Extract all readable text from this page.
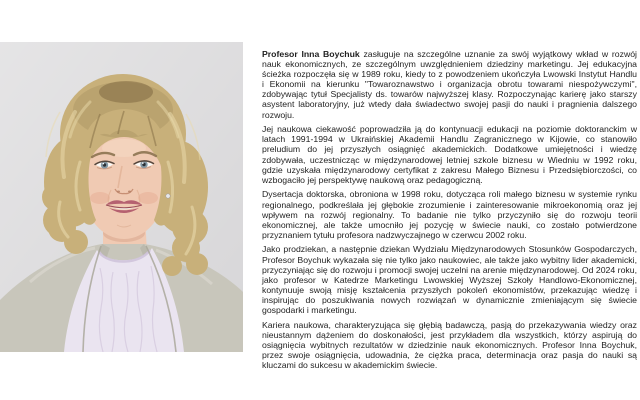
Profesor Inna Boychuk zasługuje na szczególne uznanie za swój wyjątkowy wkład w rozwój nauk ekonomicznych, ze szczególnym uwzględnieniem dziedziny marketingu. Jej edukacyjna ścieżka rozpoczęła się w 1989 roku, kiedy to z powodzeniem ukończyła Lwowski Instytut Handlu i Ekonomii na kierunku "Towaroznawstwo i organizacja obrotu towarami niespożywczymi", zdobywając tytuł Specjalisty ds. towarów najwyższej klasy. Rozpoczynając karierę jako starszy asystent laboratoryjny, już wtedy dała świadectwo swojej pasji do nauki i pragnienia dalszego rozwoju.

Jej naukowa ciekawość poprowadziła ją do kontynuacji edukacji na poziomie doktoranckim w latach 1991-1994 w Ukraińskiej Akademii Handlu Zagranicznego w Kijowie, co stanowiło preludium do jej przyszłych osiągnięć akademickich. Dodatkowe umiejętności i wiedzę zdobywała, uczestnicząc w międzynarodowej letniej szkole biznesu w Wiedniu w 1992 roku, gdzie uzyskała międzynarodowy certyfikat z zakresu Małego Biznesu i Przedsiębiorczości, co wzbogaciło jej perspektywę naukową oraz pedagogiczną.

Dysertacja doktorska, obroniona w 1998 roku, dotycząca roli małego biznesu w systemie rynku regionalnego, podkreślała jej głębokie zrozumienie i zainteresowanie mikroekonomią oraz jej wpływem na rozwój regionalny. To badanie nie tylko przyczyniło się do rozwoju teorii ekonomicznej, ale także umocniło jej pozycję w świecie nauki, co zostało potwierdzone przyznaniem tytułu profesora nadzwyczajnego w czerwcu 2002 roku.

Jako prodziekan, a następnie dziekan Wydziału Międzynarodowych Stosunków Gospodarczych, Profesor Boychuk wykazała się nie tylko jako naukowiec, ale także jako wybitny lider akademicki, przyczyniając się do rozwoju i promocji swojej uczelni na arenie międzynarodowej. Od 2024 roku, jako profesor w Katedrze Marketingu Lwowskiej Wyższej Szkoły Handlowo-Ekonomicznej, kontynuuje swoją misję kształcenia przyszłych pokoleń ekonomistów, przekazując wiedzę i inspirując do poszukiwania nowych rozwiązań w dynamicznie zmieniającym się świecie gospodarki i marketingu.

Kariera naukowa, charakteryzująca się głębią badawczą, pasją do przekazywania wiedzy oraz nieustannym dążeniem do doskonałości, jest przykładem dla wszystkich, którzy aspirują do osiągnięcia wybitnych rezultatów w dziedzinie nauk ekonomicznych. Profesor Inna Boychuk, przez swoje osiągnięcia, udowadnia, że ciężka praca, determinacja oraz pasja do nauki są kluczami do sukcesu w akademickim świecie.
